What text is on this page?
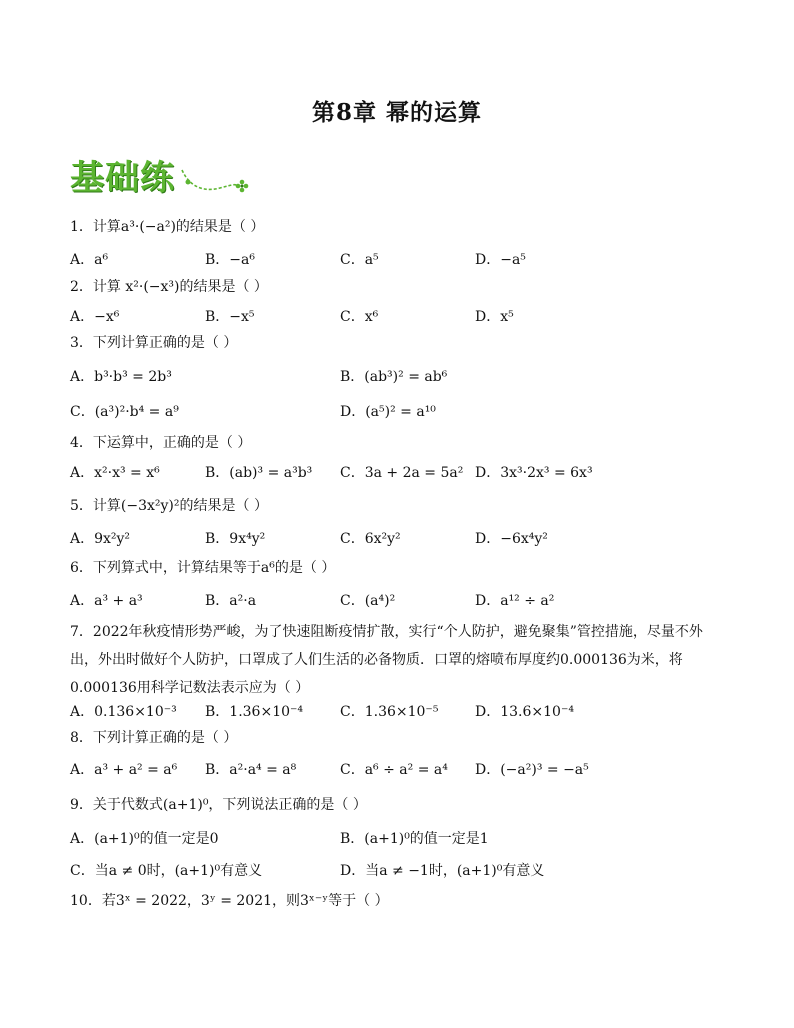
第8章 幂的运算
基础练
1．计算a³·(−a²)的结果是（ ）
A．a⁶	B．−a⁶	C．a⁵	D．−a⁵
2．计算 x²·(−x³)的结果是（ ）
A．−x⁶	B．−x⁵	C．x⁶	D．x⁵
3．下列计算正确的是（ ）
A．b³·b³ = 2b³	B．(ab³)² = ab⁶
C．(a³)²·b⁴ = a⁹	D．(a⁵)² = a¹⁰
4．下运算中，正确的是（ ）
A．x²·x³ = x⁶	B．(ab)³ = a³b³ C．3a + 2a = 5a² D．3x³·2x³ = 6x³
5．计算(−3x²y)²的结果是（ ）
A．9x²y²	B．9x⁴y²	C．6x²y²	D．−6x⁴y²
6．下列算式中，计算结果等于a⁶的是（ ）
A．a³ + a³	B．a²·a	C．(a⁴)²	D．a¹² ÷ a²
7．2022年秋疫情形势严峻，为了快速阻断疫情扩散，实行“个人防护，避免聚集”管控措施，尽量不外出，外出时做好个人防护，口罩成了人们生活的必备物质．口罩的熔喷布厚度约0.000136为米，将0.000136用科学记数法表示应为（ ）
A．0.136×10⁻³ B．1.36×10⁻⁴	C．1.36×10⁻⁵	D．13.6×10⁻⁴
8．下列计算正确的是（ ）
A．a³ + a² = a⁶ B．a²·a⁴ = a⁸	C．a⁶ ÷ a² = a⁴ D．(−a²)³ = −a⁵
9．关于代数式(a+1)⁰，下列说法正确的是（ ）
A．(a+1)⁰的值一定是0	B．(a+1)⁰的值一定是1
C．当a ≠ 0时，(a+1)⁰有意义	D．当a ≠ −1时，(a+1)⁰有意义
10．若3ˣ = 2022，3ʸ = 2021，则3ˣ⁻ʸ等于（ ）
